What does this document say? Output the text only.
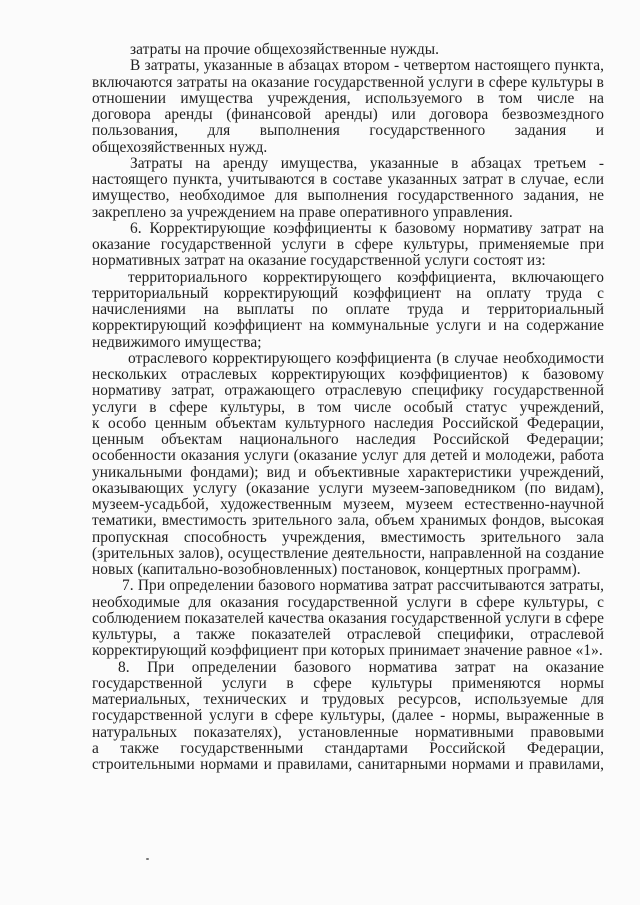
затраты на прочие общехозяйственные нужды.
В затраты, указанные в абзацах втором - четвертом настоящего пункта,
включаются затраты на оказание государственной услуги в сфере культуры в
отношении имущества учреждения, используемого в том числе на
договора аренды (финансовой аренды) или договора безвозмездного
пользования, для выполнения государственного задания и
общехозяйственных нужд.
Затраты на аренду имущества, указанные в абзацах третьем -
настоящего пункта, учитываются в составе указанных затрат в случае, если
имущество, необходимое для выполнения государственного задания, не
закреплено за учреждением на праве оперативного управления.
6. Корректирующие коэффициенты к базовому нормативу затрат на
оказание государственной услуги в сфере культуры, применяемые при
нормативных затрат на оказание государственной услуги состоят из:
территориального корректирующего коэффициента, включающего
территориальный корректирующий коэффициент на оплату труда с
начислениями на выплаты по оплате труда и территориальный
корректирующий коэффициент на коммунальные услуги и на содержание
недвижимого имущества;
отраслевого корректирующего коэффициента (в случае необходимости
нескольких отраслевых корректирующих коэффициентов) к базовому
нормативу затрат, отражающего отраслевую специфику государственной
услуги в сфере культуры, в том числе особый статус учреждений,
к особо ценным объектам культурного наследия Российской Федерации,
ценным объектам национального наследия Российской Федерации;
особенности оказания услуги (оказание услуг для детей и молодежи, работа
уникальными фондами); вид и объективные характеристики учреждений,
оказывающих услугу (оказание услуги музеем-заповедником (по видам),
музеем-усадьбой, художественным музеем, музеем естественно-научной
тематики, вместимость зрительного зала, объем хранимых фондов, высокая
пропускная способность учреждения, вместимость зрительного зала
(зрительных залов), осуществление деятельности, направленной на создание
новых (капитально-возобновленных) постановок, концертных программ).
7. При определении базового норматива затрат рассчитываются затраты,
необходимые для оказания государственной услуги в сфере культуры, с
соблюдением показателей качества оказания государственной услуги в сфере
культуры, а также показателей отраслевой специфики, отраслевой
корректирующий коэффициент при которых принимает значение равное «1».
8. При определении базового норматива затрат на оказание
государственной услуги в сфере культуры применяются нормы
материальных, технических и трудовых ресурсов, используемые для
государственной услуги в сфере культуры, (далее - нормы, выраженные в
натуральных показателях), установленные нормативными правовыми
а также государственными стандартами Российской Федерации,
строительными нормами и правилами, санитарными нормами и правилами,
